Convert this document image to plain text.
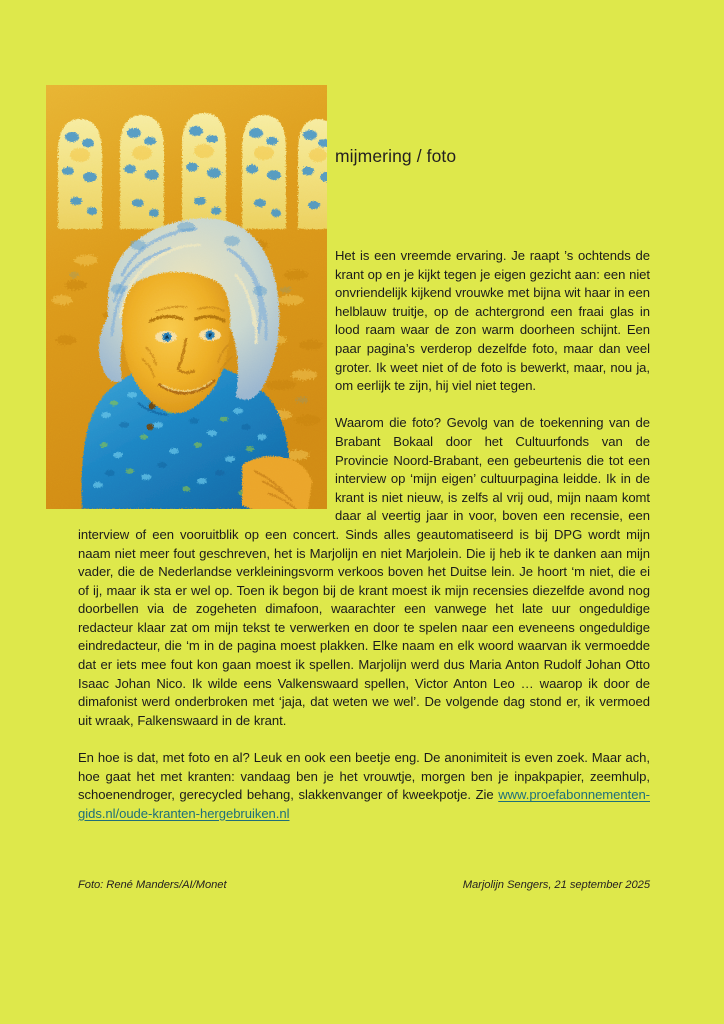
mijmering / foto

Het is een vreemde ervaring. Je raapt ’s ochtends de krant op en je kijkt tegen je eigen gezicht aan: een niet onvriendelijk kijkend vrouwke met bijna wit haar in een helblauw truitje, op de achtergrond een fraai glas in lood raam waar de zon warm doorheen schijnt. Een paar pagina’s verderop dezelfde foto, maar dan veel groter. Ik weet niet of de foto is bewerkt, maar, nou ja, om eerlijk te zijn, hij viel niet tegen.

Waarom die foto? Gevolg van de toekenning van de Brabant Bokaal door het Cultuurfonds van de Provincie Noord-Brabant, een gebeurtenis die tot een interview op ‘mijn eigen’ cultuurpagina leidde. Ik in de krant is niet nieuw, is zelfs al vrij oud, mijn naam komt daar al veertig jaar in voor, boven een recensie, een interview of een vooruitblik op een concert. Sinds alles geautomatiseerd is bij DPG wordt mijn naam niet meer fout geschreven, het is Marjolijn en niet Marjolein. Die ij heb ik te danken aan mijn vader, die de Nederlandse verkleiningsvorm verkoos boven het Duitse lein. Je hoort ‘m niet, die ei of ij, maar ik sta er wel op. Toen ik begon bij de krant moest ik mijn recensies diezelfde avond nog doorbellen via de zogeheten dimafoon, waarachter een vanwege het late uur ongeduldige redacteur klaar zat om mijn tekst te verwerken en door te spelen naar een eveneens ongeduldige eindredacteur, die ‘m in de pagina moest plakken. Elke naam en elk woord waarvan ik vermoedde dat er iets mee fout kon gaan moest ik spellen. Marjolijn werd dus Maria Anton Rudolf Johan Otto Isaac Johan Nico. Ik wilde eens Valkenswaard spellen, Victor Anton Leo … waarop ik door de dimafonist werd onderbroken met ‘jaja, dat weten we wel’. De volgende dag stond er, ik vermoed uit wraak, Falkenswaard in de krant.

En hoe is dat, met foto en al? Leuk en ook een beetje eng. De anonimiteit is even zoek. Maar ach, hoe gaat het met kranten: vandaag ben je het vrouwtje, morgen ben je inpakpapier, zeemhulp, schoenendroger, gerecycled behang, slakkenvanger of kweekpotje. Zie www.proefabonnementen-gids.nl/oude-kranten-hergebruiken.nl

Foto: René Manders/AI/Monet	Marjolijn Sengers, 21 september 2025
